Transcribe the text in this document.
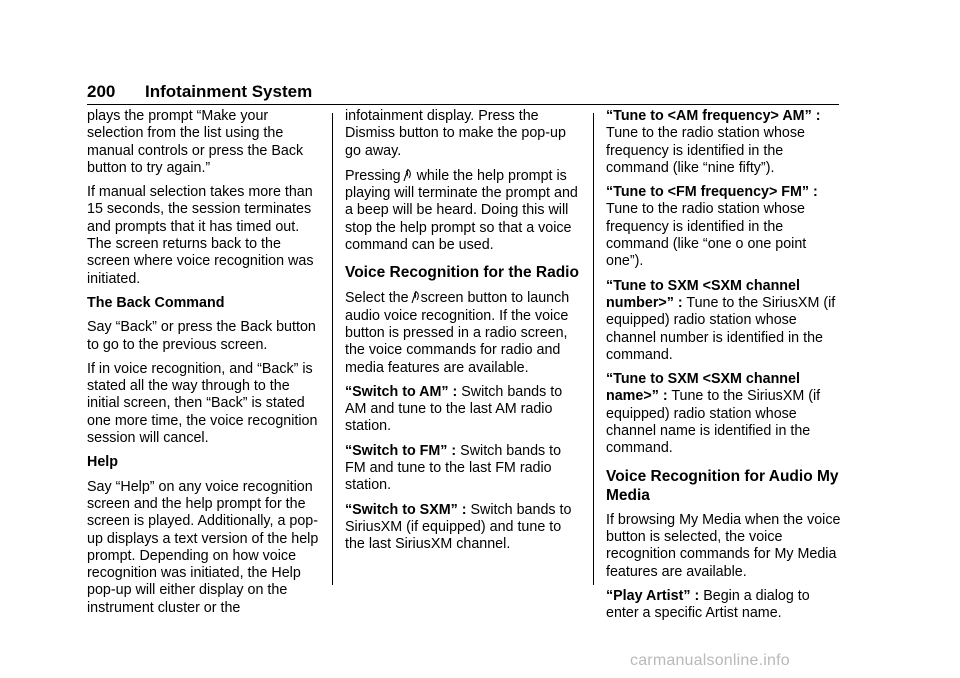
200 Infotainment System

plays the prompt “Make your selection from the list using the manual controls or press the Back button to try again.”

If manual selection takes more than 15 seconds, the session terminates and prompts that it has timed out. The screen returns back to the screen where voice recognition was initiated.

The Back Command

Say “Back” or press the Back button to go to the previous screen.

If in voice recognition, and “Back” is stated all the way through to the initial screen, then “Back” is stated one more time, the voice recognition session will cancel.

Help

Say “Help” on any voice recognition screen and the help prompt for the screen is played. Additionally, a pop-up displays a text version of the help prompt. Depending on how voice recognition was initiated, the Help pop-up will either display on the instrument cluster or the

infotainment display. Press the Dismiss button to make the pop-up go away.

Pressing while the help prompt is playing will terminate the prompt and a beep will be heard. Doing this will stop the help prompt so that a voice command can be used.

Voice Recognition for the Radio

Select the screen button to launch audio voice recognition. If the voice button is pressed in a radio screen, the voice commands for radio and media features are available.

“Switch to AM” : Switch bands to AM and tune to the last AM radio station.

“Switch to FM” : Switch bands to FM and tune to the last FM radio station.

“Switch to SXM” : Switch bands to SiriusXM (if equipped) and tune to the last SiriusXM channel.

“Tune to <AM frequency> AM” : Tune to the radio station whose frequency is identified in the command (like “nine fifty”).

“Tune to <FM frequency> FM” : Tune to the radio station whose frequency is identified in the command (like “one o one point one”).

“Tune to SXM <SXM channel number>” : Tune to the SiriusXM (if equipped) radio station whose channel number is identified in the command.

“Tune to SXM <SXM channel name>” : Tune to the SiriusXM (if equipped) radio station whose channel name is identified in the command.

Voice Recognition for Audio My Media

If browsing My Media when the voice button is selected, the voice recognition commands for My Media features are available.

“Play Artist” : Begin a dialog to enter a specific Artist name.

carmanualsonline.info
